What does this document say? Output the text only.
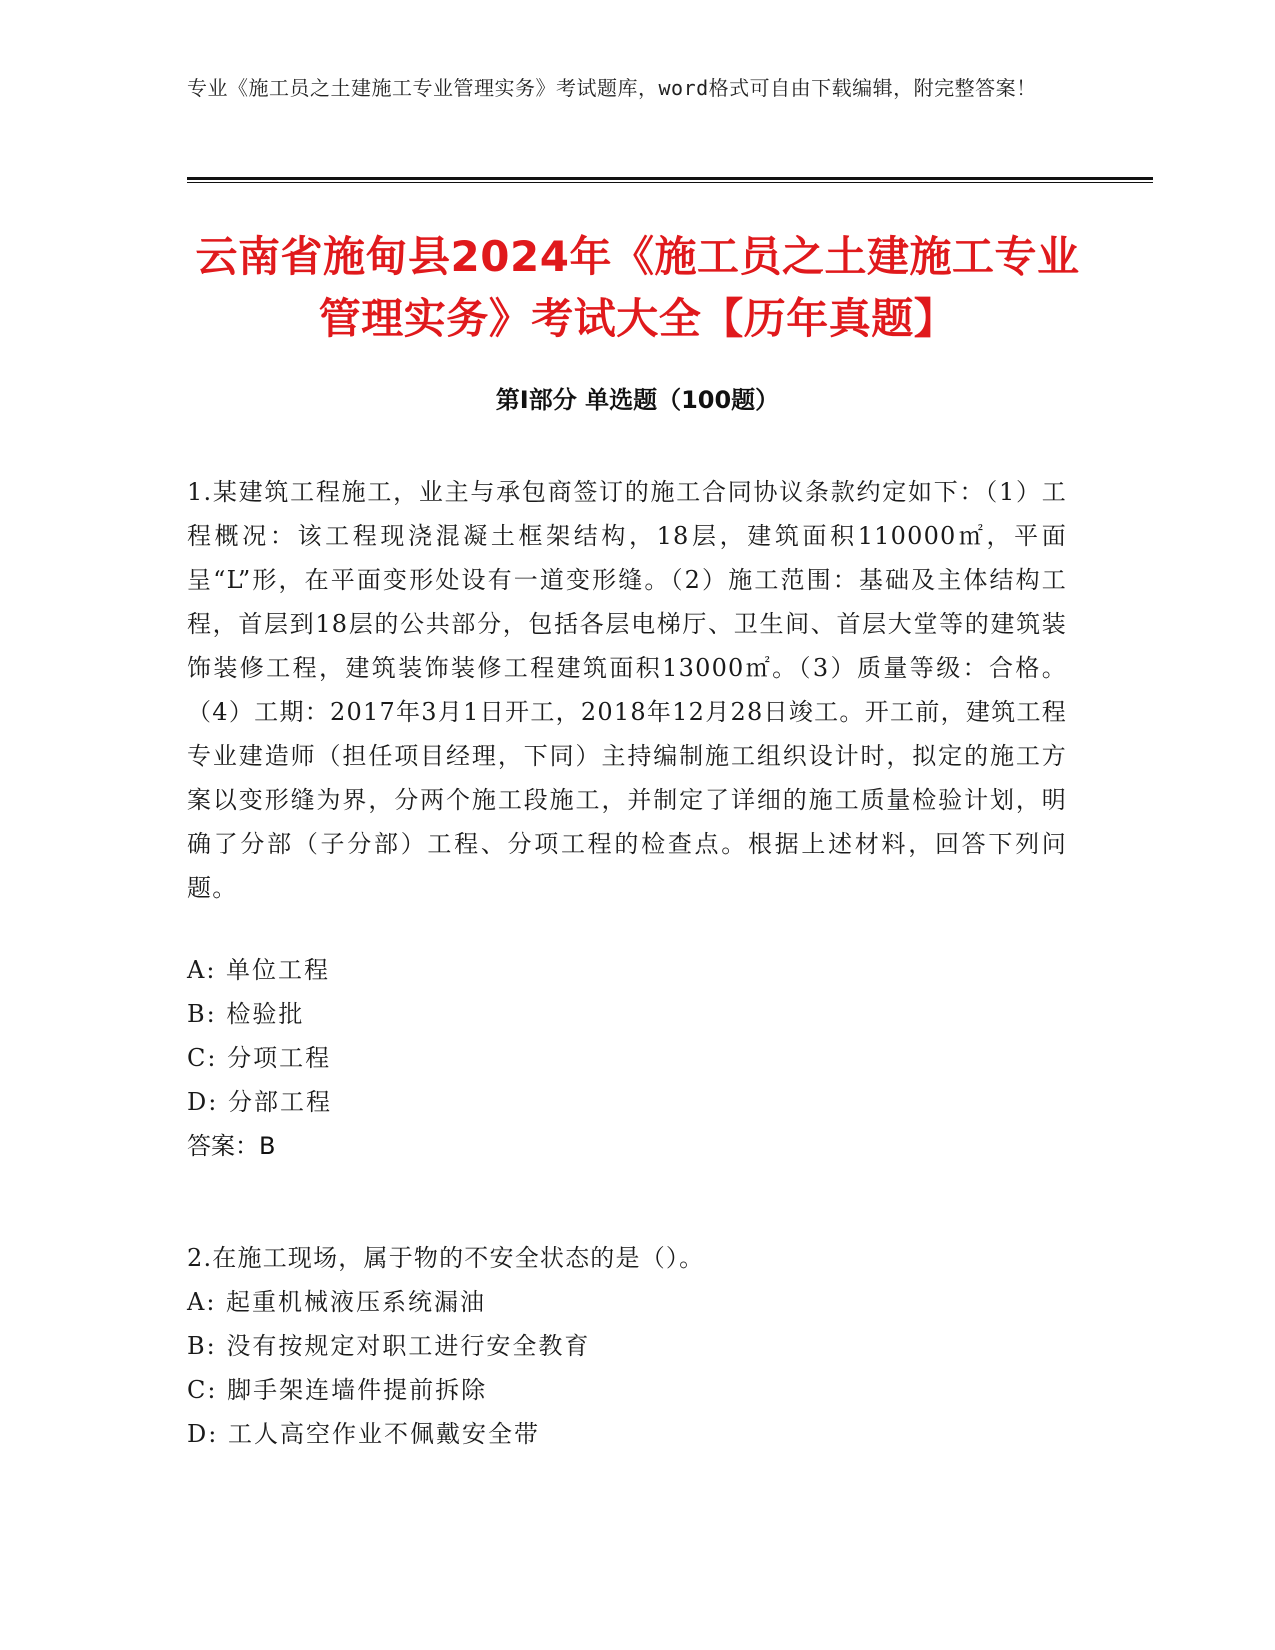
专业《施工员之土建施工专业管理实务》考试题库，word格式可自由下载编辑，附完整答案！
云南省施甸县2024年《施工员之土建施工专业管理实务》考试大全【历年真题】
第Ⅰ部分 单选题（100题）
1.某建筑工程施工，业主与承包商签订的施工合同协议条款约定如下：（1）工程概况：该工程现浇混凝土框架结构，18层，建筑面积110000㎡，平面呈“L”形，在平面变形处设有一道变形缝。（2）施工范围：基础及主体结构工程，首层到18层的公共部分，包括各层电梯厅、卫生间、首层大堂等的建筑装饰装修工程，建筑装饰装修工程建筑面积13000㎡。（3）质量等级：合格。（4）工期：2017年3月1日开工，2018年12月28日竣工。开工前，建筑工程专业建造师（担任项目经理，下同）主持编制施工组织设计时，拟定的施工方案以变形缝为界，分两个施工段施工，并制定了详细的施工质量检验计划，明确了分部（子分部）工程、分项工程的检查点。根据上述材料，回答下列问题。
A: 单位工程
B: 检验批
C: 分项工程
D: 分部工程
答案：B
2.在施工现场，属于物的不安全状态的是（）。
A: 起重机械液压系统漏油
B: 没有按规定对职工进行安全教育
C: 脚手架连墙件提前拆除
D: 工人高空作业不佩戴安全带
